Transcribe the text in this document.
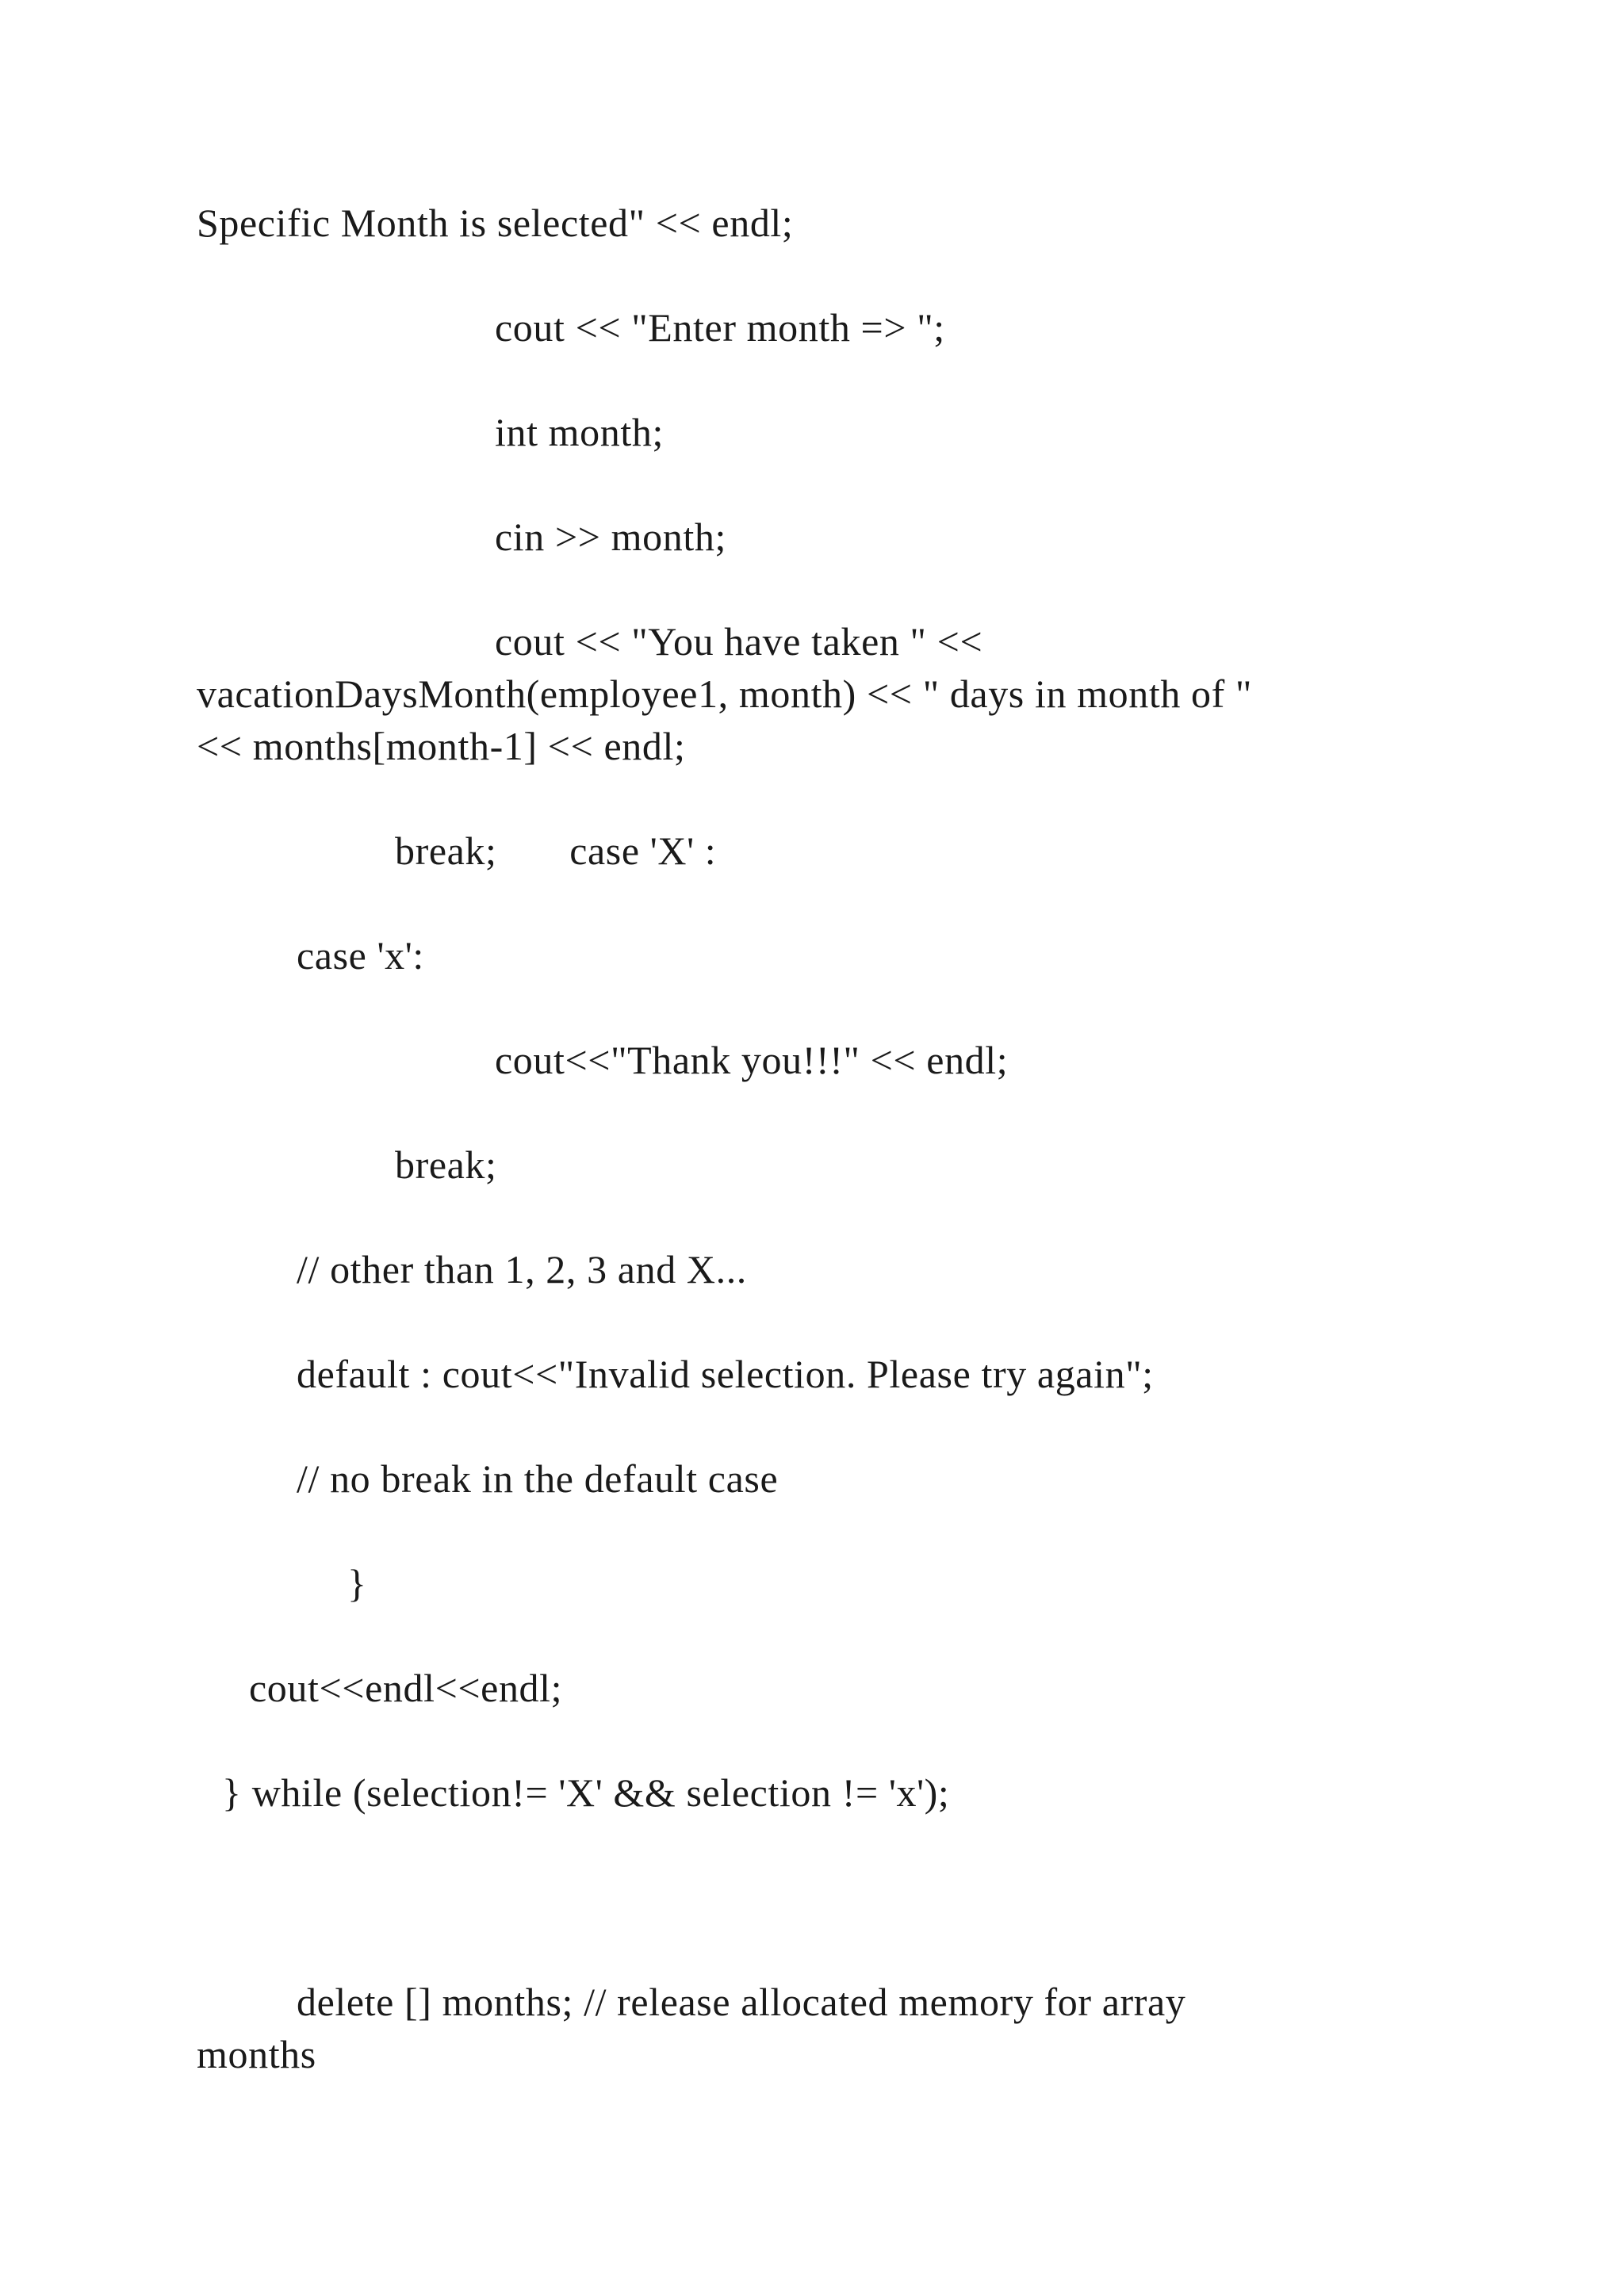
Specific Month is selected" << endl;
cout << "Enter month => ";
int month;
cin >> month;
cout << "You have taken " <<
vacationDaysMonth(employee1, month) << " days in month of "
<< months[month-1] << endl;
break;       case 'X' :
case 'x':
cout<<"Thank you!!!" << endl;
break;
// other than 1, 2, 3 and X...
default : cout<<"Invalid selection. Please try again";
// no break in the default case
}
cout<<endl<<endl;
} while (selection!= 'X' && selection != 'x');
delete [] months; // release allocated memory for array
months
